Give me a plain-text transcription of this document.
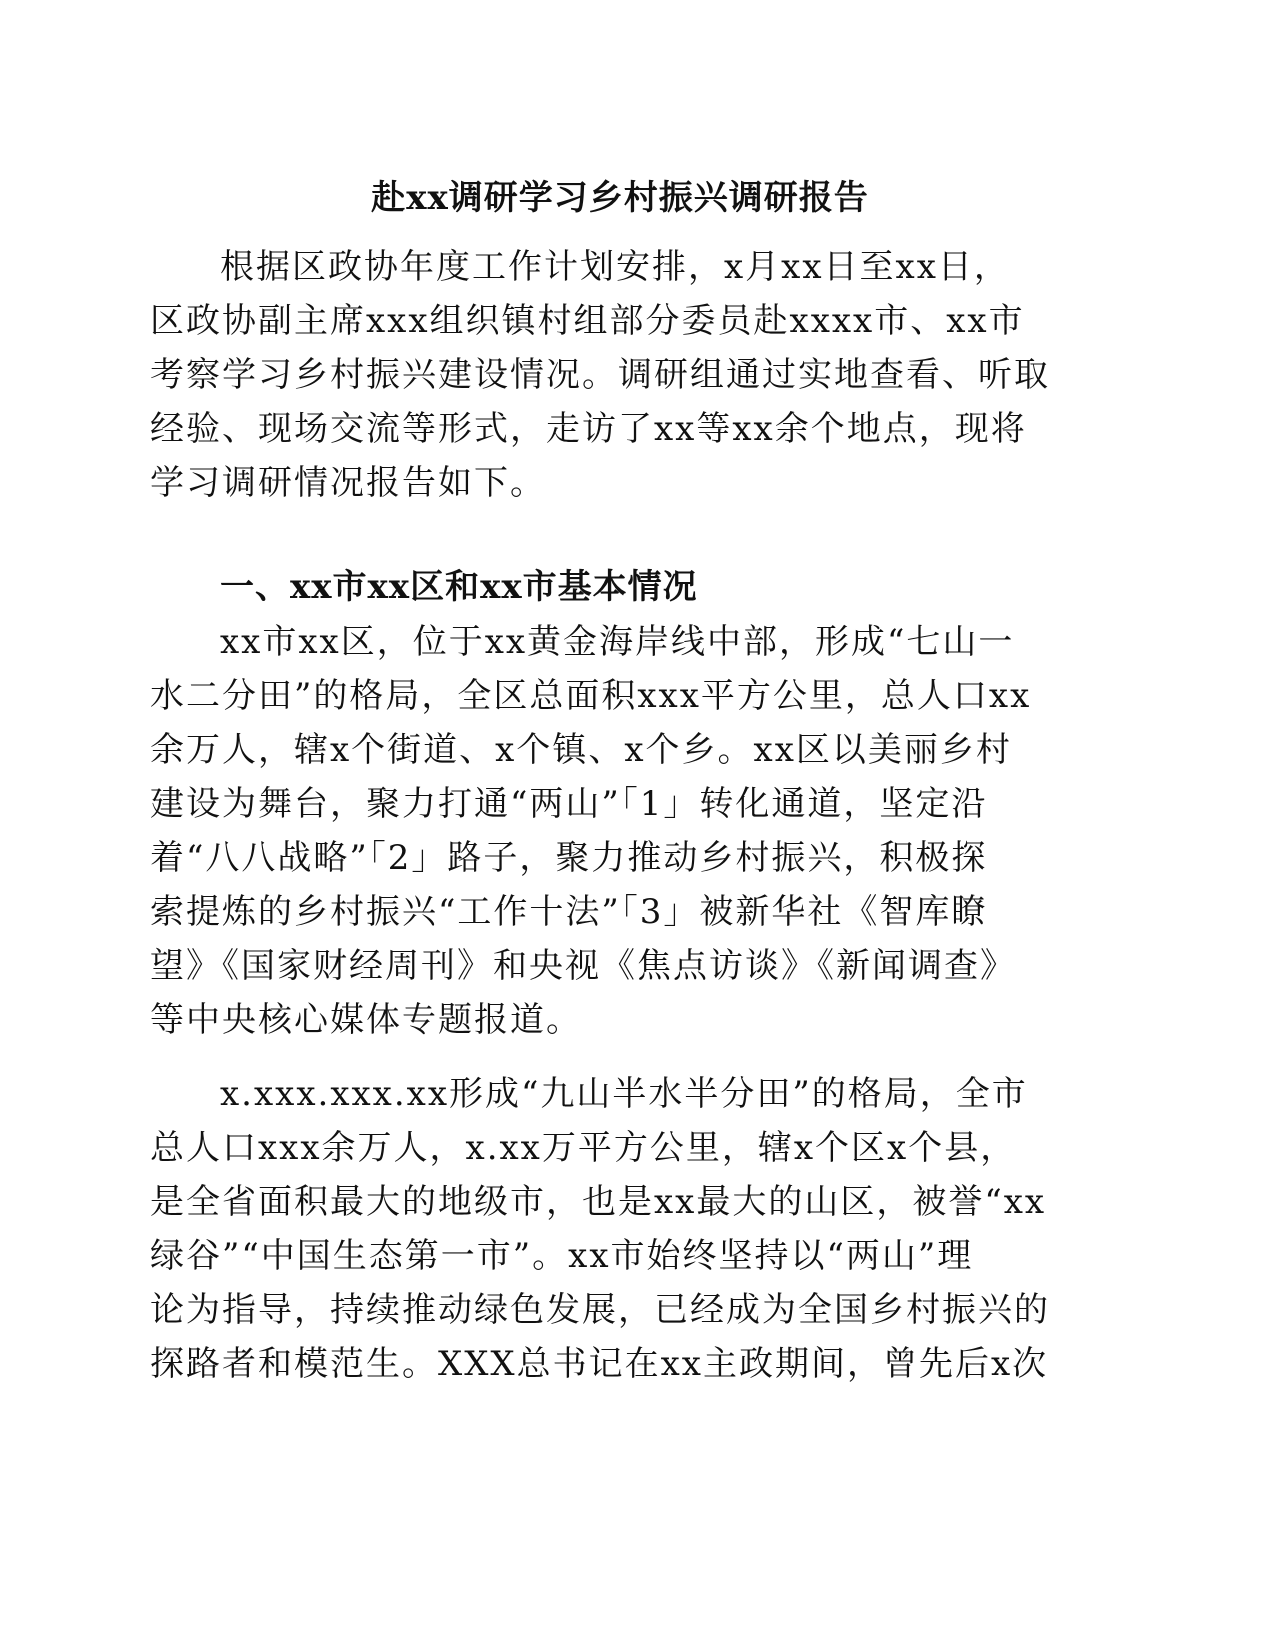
赴xx调研学习乡村振兴调研报告
根据区政协年度工作计划安排，x月xx日至xx日，
区政协副主席xxx组织镇村组部分委员赴xxxx市、xx市
考察学习乡村振兴建设情况。调研组通过实地查看、听取
经验、现场交流等形式，走访了xx等xx余个地点，现将
学习调研情况报告如下。
一、xx市xx区和xx市基本情况
xx市xx区，位于xx黄金海岸线中部，形成“七山一
水二分田”的格局，全区总面积xxx平方公里，总人口xx
余万人，辖x个街道、x个镇、x个乡。xx区以美丽乡村
建设为舞台，聚力打通“两山”「1」转化通道，坚定沿
着“八八战略”「2」路子，聚力推动乡村振兴，积极探
索提炼的乡村振兴“工作十法”「3」被新华社《智库瞭
望》《国家财经周刊》和央视《焦点访谈》《新闻调查》
等中央核心媒体专题报道。
x.xxx.xxx.xx形成“九山半水半分田”的格局，全市
总人口xxx余万人，x.xx万平方公里，辖x个区x个县，
是全省面积最大的地级市，也是xx最大的山区，被誉“xx
绿谷”“中国生态第一市”。xx市始终坚持以“两山”理
论为指导，持续推动绿色发展，已经成为全国乡村振兴的
探路者和模范生。XXX总书记在xx主政期间，曾先后x次
